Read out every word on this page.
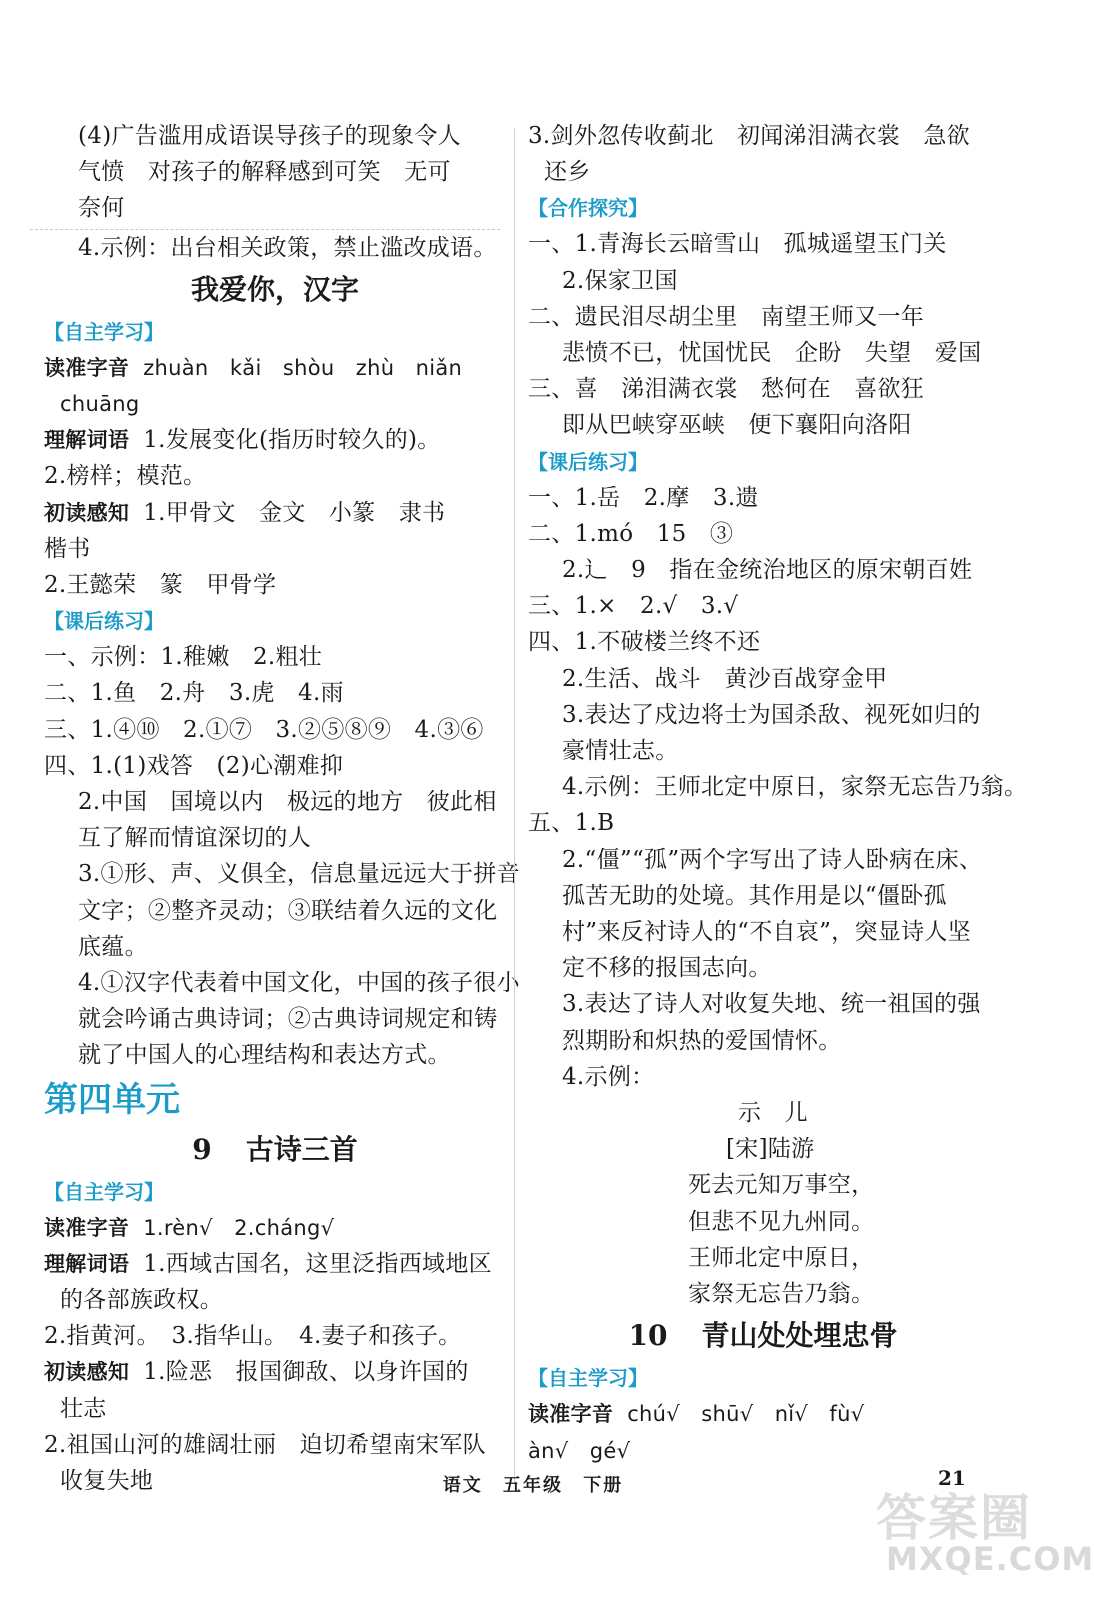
(4)广告滥用成语误导孩子的现象令人
气愤　对孩子的解释感到可笑　无可
奈何
4.示例：出台相关政策，禁止滥改成语。
我爱你，汉字
【自主学习】
读准字音 zhuàn　kǎi　shòu　zhù　niǎn
chuāng
理解词语 1.发展变化(指历时较久的)。
2.榜样；模范。
初读感知 1.甲骨文　金文　小篆　隶书
楷书
2.王懿荣　篆　甲骨学
【课后练习】
一、示例：1.稚嫩　2.粗壮
二、1.鱼　2.舟　3.虎　4.雨
三、1.④⑩　2.①⑦　3.②⑤⑧⑨　4.③⑥
四、1.(1)戏答　(2)心潮难抑
2.中国　国境以内　极远的地方　彼此相
互了解而情谊深切的人
3.①形、声、义俱全，信息量远远大于拼音
文字；②整齐灵动；③联结着久远的文化
底蕴。
4.①汉字代表着中国文化，中国的孩子很小
就会吟诵古典诗词；②古典诗词规定和铸
就了中国人的心理结构和表达方式。
第四单元
9 古诗三首
【自主学习】
读准字音 1.rèn√　2.cháng√
理解词语 1.西域古国名，这里泛指西域地区
的各部族政权。
2.指黄河。　3.指华山。　4.妻子和孩子。
初读感知 1.险恶　报国御敌、以身许国的
壮志
2.祖国山河的雄阔壮丽　迫切希望南宋军队
收复失地
3.剑外忽传收蓟北　初闻涕泪满衣裳　急欲
还乡
【合作探究】
一、1.青海长云暗雪山　孤城遥望玉门关
2.保家卫国
二、遗民泪尽胡尘里　南望王师又一年
悲愤不已，忧国忧民　企盼　失望　爱国
三、喜　涕泪满衣裳　愁何在　喜欲狂
即从巴峡穿巫峡　便下襄阳向洛阳
【课后练习】
一、1.岳　2.摩　3.遗
二、1.mó　15　③
2.辶　9　指在金统治地区的原宋朝百姓
三、1.×　2.√　3.√
四、1.不破楼兰终不还
2.生活、战斗　黄沙百战穿金甲
3.表达了戍边将士为国杀敌、视死如归的
豪情壮志。
4.示例：王师北定中原日，家祭无忘告乃翁。
五、1.B
2.“僵”“孤”两个字写出了诗人卧病在床、
孤苦无助的处境。其作用是以“僵卧孤
村”来反衬诗人的“不自哀”，突显诗人坚
定不移的报国志向。
3.表达了诗人对收复失地、统一祖国的强
烈期盼和炽热的爱国情怀。
4.示例：
示　儿
[宋]陆游
死去元知万事空，
但悲不见九州同。
王师北定中原日，
家祭无忘告乃翁。
10 青山处处埋忠骨
【自主学习】
读准字音 chú√　shū√　nǐ√　fù√
àn√　gé√
语文 五年级 下册	21
答案圈
MXQE.COM
